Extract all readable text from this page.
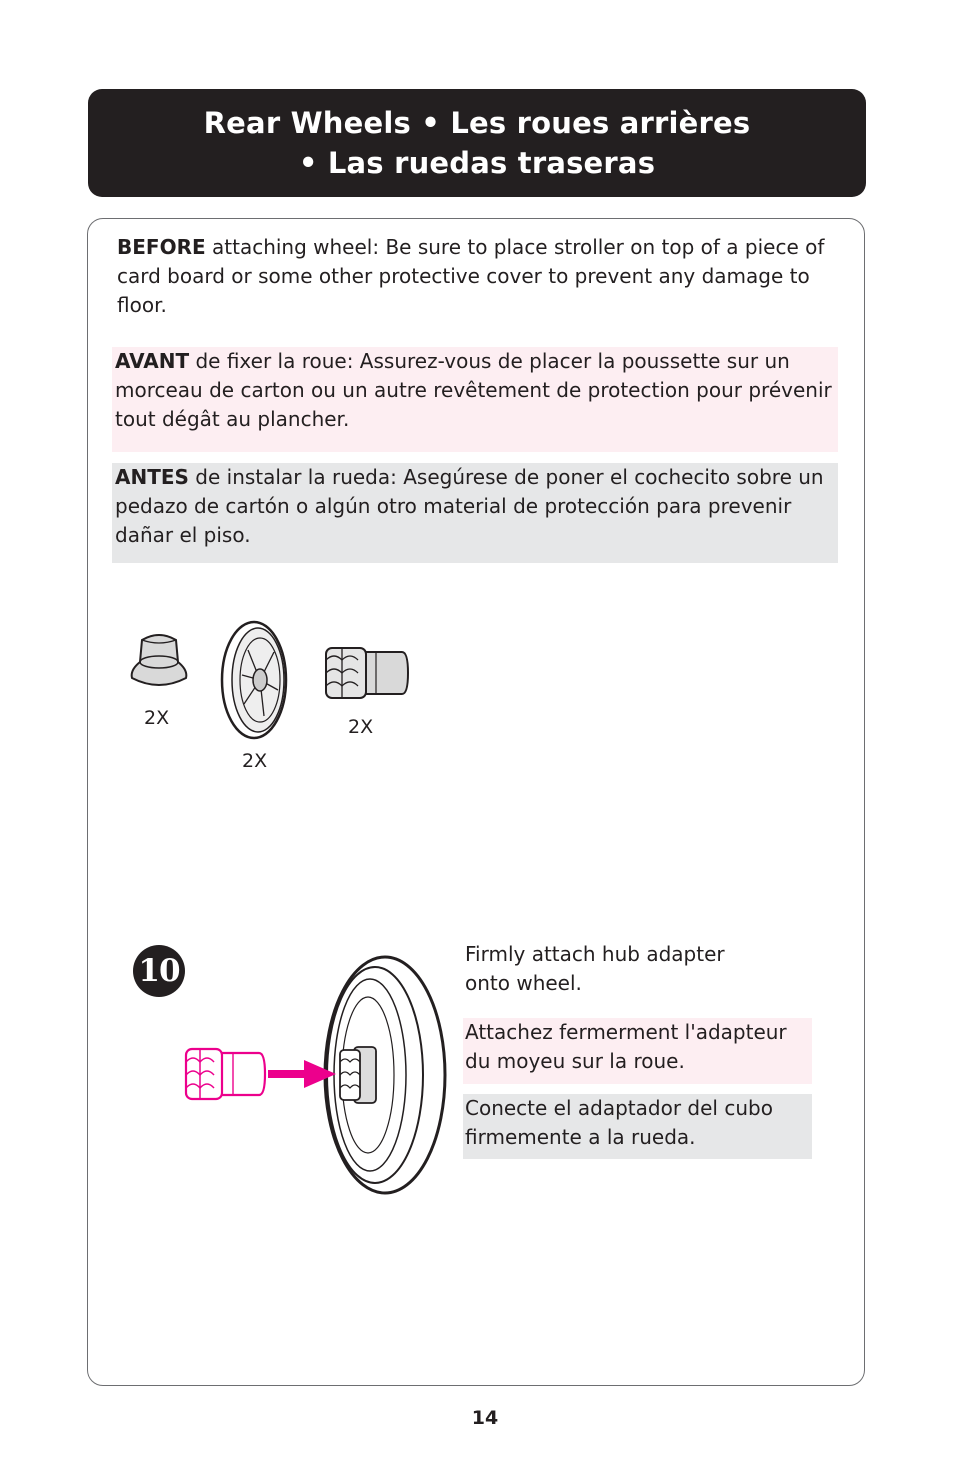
Rear Wheels • Les roues arrières
• Las ruedas traseras

BEFORE attaching wheel: Be sure to place stroller on top of a piece of card board or some other protective cover to prevent any damage to floor.

AVANT de fixer la roue: Assurez-vous de placer la poussette sur un morceau de carton ou un autre revêtement de protection pour prévenir tout dégât au plancher.

ANTES de instalar la rueda: Asegúrese de poner el cochecito sobre un pedazo de cartón o algún otro material de protección para prevenir dañar el piso.

2X
2X
2X
10	Firmly attach hub adapter onto wheel.

Attachez fermerment l'adapteur du moyeu sur la roue.

Conecte el adaptador del cubo firmemente a la rueda.

14
